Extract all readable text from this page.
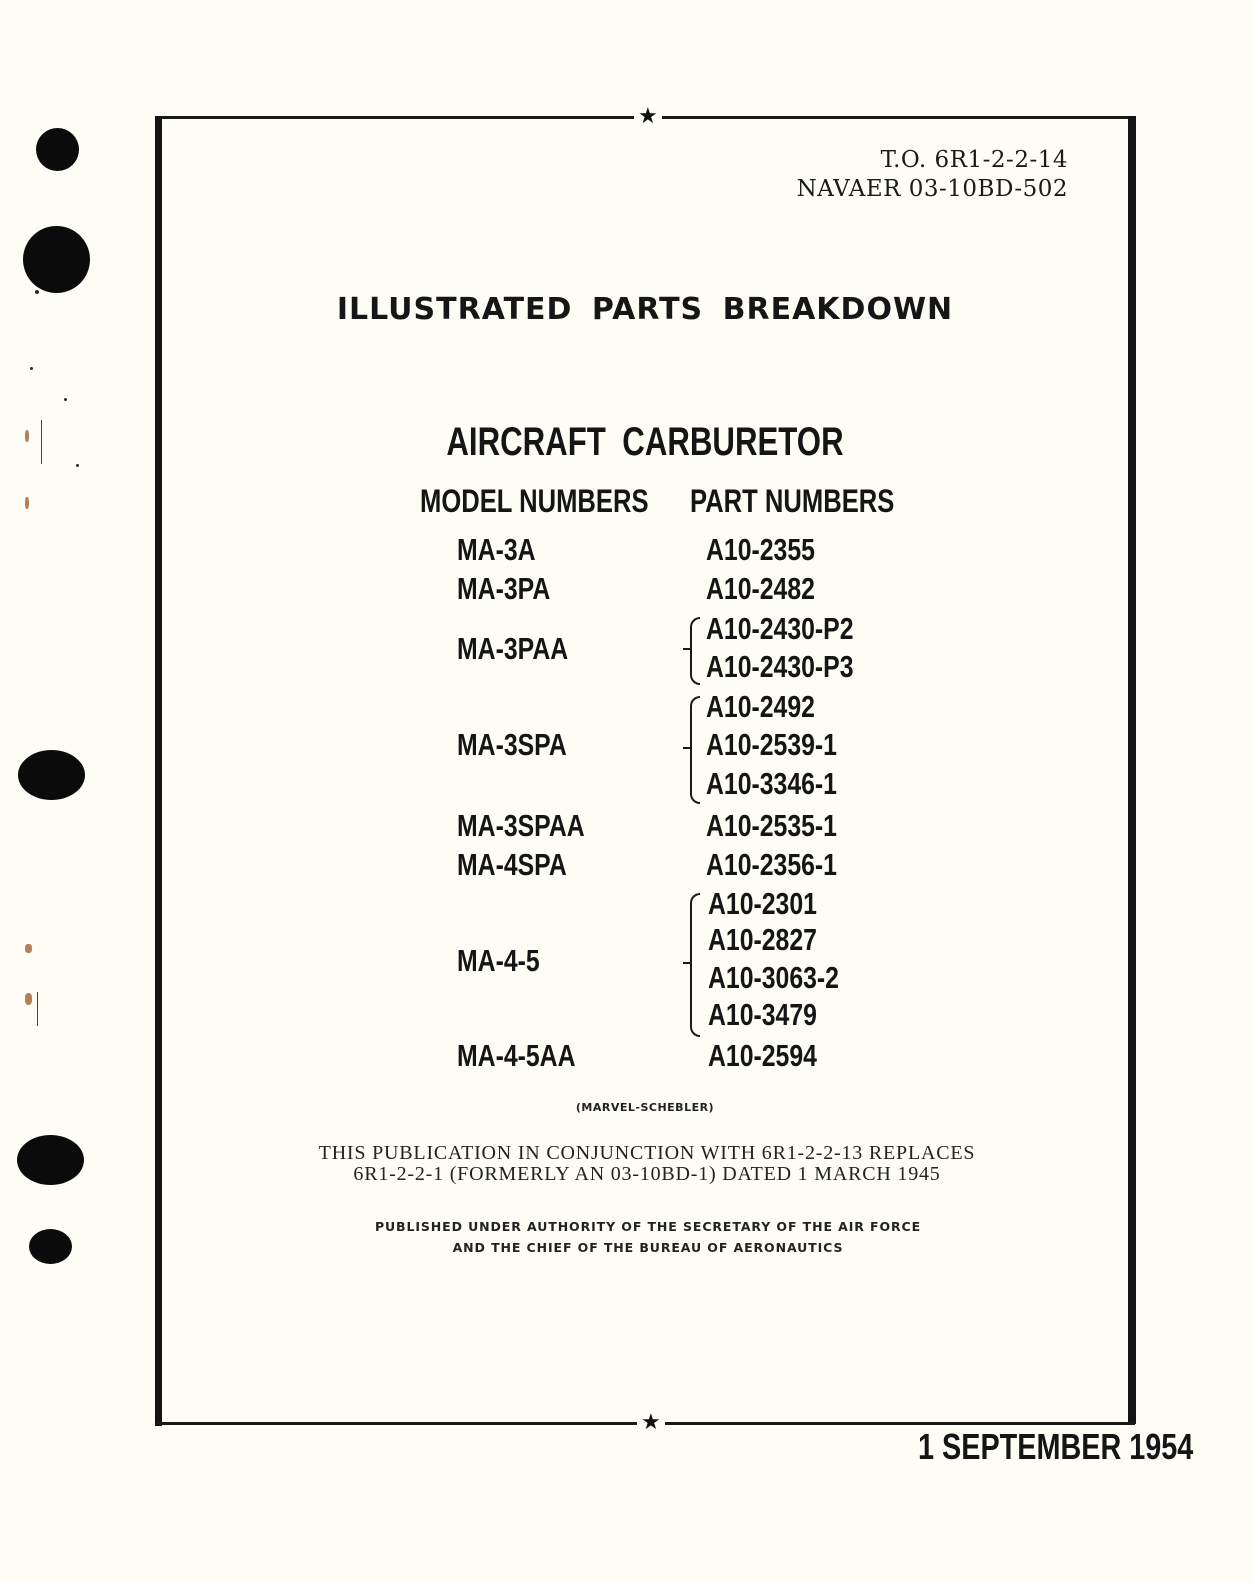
★
★
T.O. 6R1-2-2-14
NAVAER 03-10BD-502
ILLUSTRATED PARTS BREAKDOWN
AIRCRAFT CARBURETOR
MODEL NUMBERS	PART NUMBERS
MA-3A
MA-3PA
MA-3PAA
MA-3SPA
MA-3SPAA
MA-4SPA
MA-4-5
MA-4-5AA
A10-2355
A10-2482
A10-2430-P2
A10-2430-P3
A10-2492
A10-2539-1
A10-3346-1
A10-2535-1
A10-2356-1
A10-2301
A10-2827
A10-3063-2
A10-3479
A10-2594
(MARVEL-SCHEBLER)
THIS PUBLICATION IN CONJUNCTION WITH 6R1-2-2-13 REPLACES
6R1-2-2-1 (FORMERLY AN 03-10BD-1) DATED 1 MARCH 1945
PUBLISHED UNDER AUTHORITY OF THE SECRETARY OF THE AIR FORCE
AND THE CHIEF OF THE BUREAU OF AERONAUTICS
1 SEPTEMBER 1954
